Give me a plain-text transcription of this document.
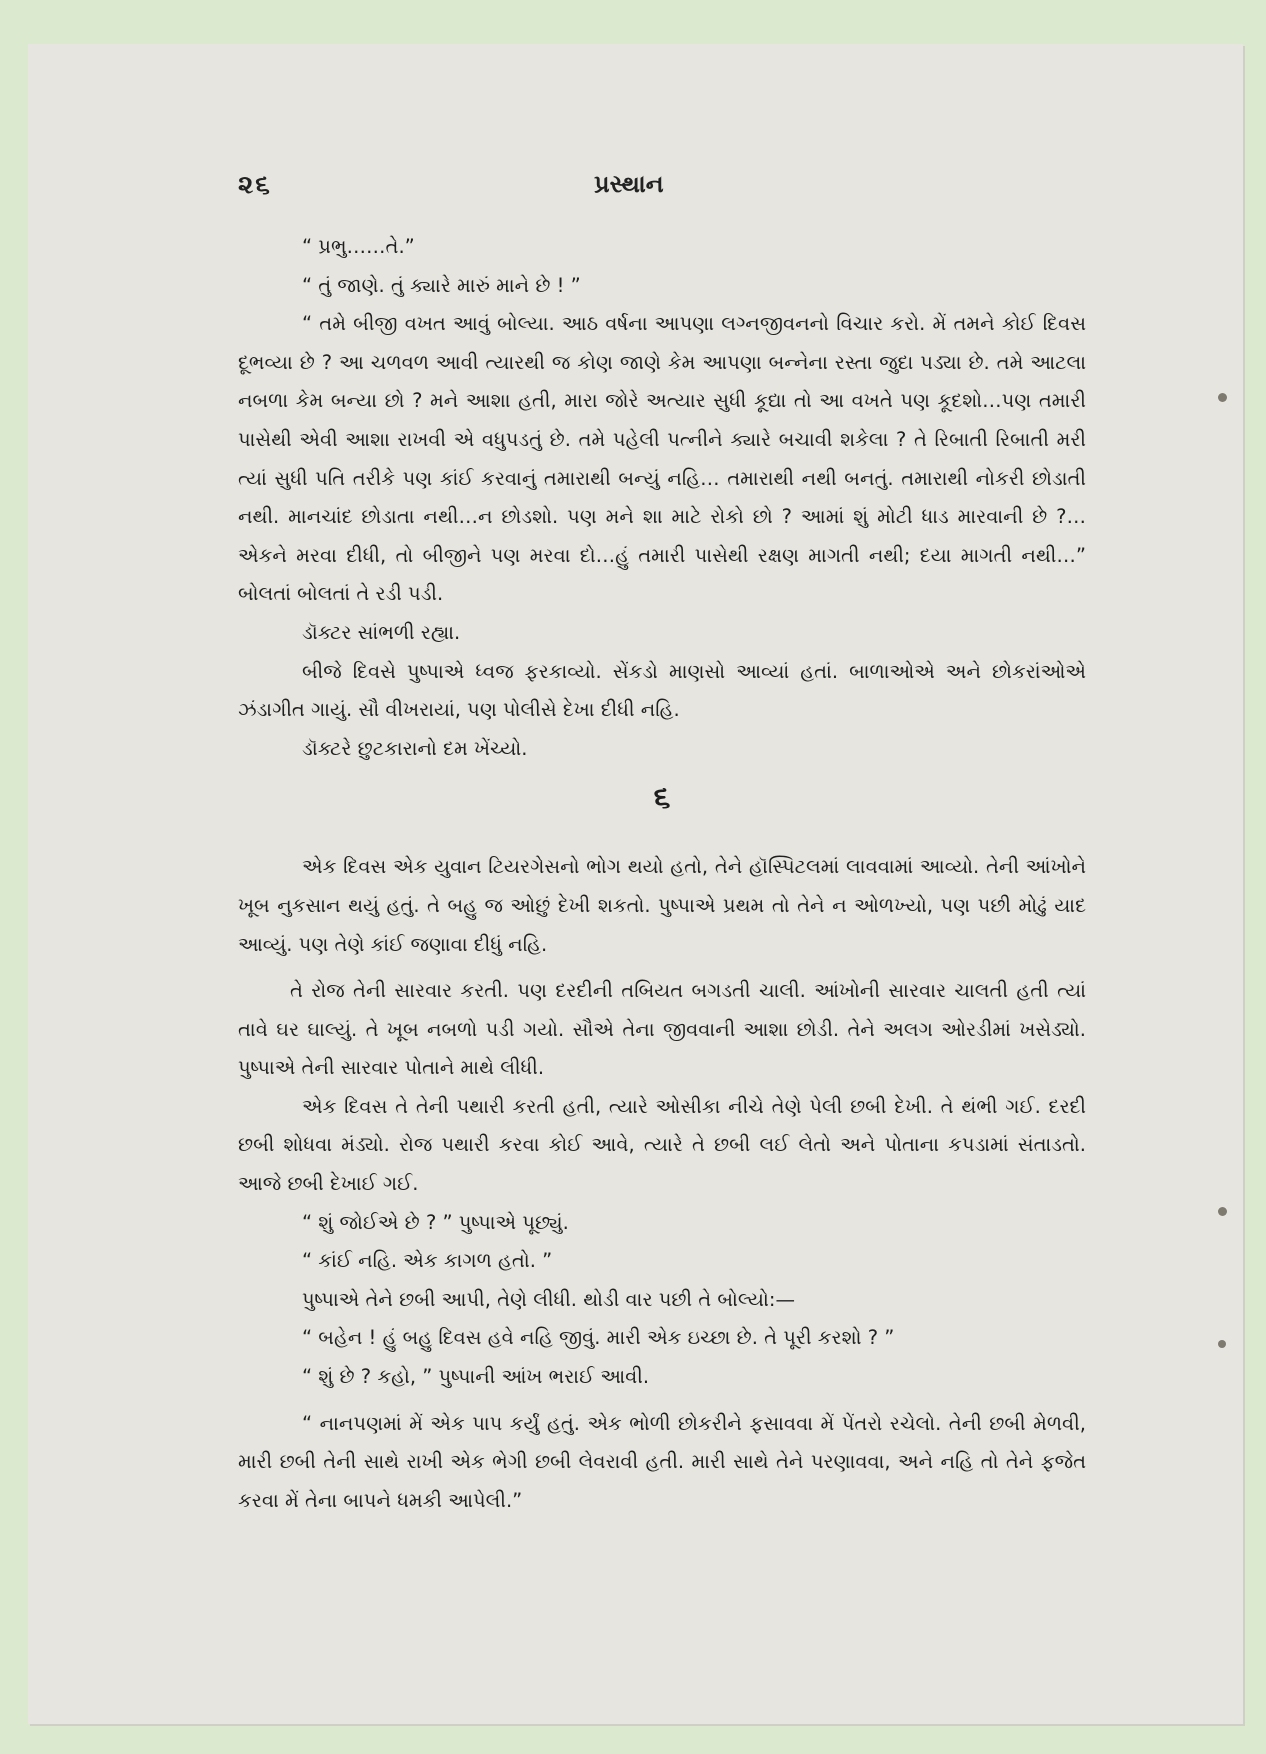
૨૬	પ્રસ્થાન

“ પ્રભુ……તે.”

“ તું જાણે. તું ક્યારે મારું માને છે ! ”

“ તમે બીજી વખત આવું બોલ્યા. આઠ વર્ષના આપણા લગ્નજીવનનો વિચાર કરો. મેં તમને કોઈ દિવસ દૂભવ્યા છે ? આ ચળવળ આવી ત્યારથી જ કોણ જાણે કેમ આપણા બન્નેના રસ્તા જુદા પડ્યા છે. તમે આટલા નબળા કેમ બન્યા છો ? મને આશા હતી, મારા જોરે અત્યાર સુધી કૂદ્યા તો આ વખતે પણ કૂદશો…પણ તમારી પાસેથી એવી આશા રાખવી એ વધુપડતું છે. તમે પહેલી પત્નીને ક્યારે બચાવી શકેલા ? તે રિબાતી રિબાતી મરી ત્યાં સુધી પતિ તરીકે પણ કાંઈ કરવાનું તમારાથી બન્યું નહિ… તમારાથી નથી બનતું. તમારાથી નોકરી છોડાતી નથી. માનચાંદ છોડાતા નથી…ન છોડશો. પણ મને શા માટે રોકો છો ? આમાં શું મોટી ધાડ મારવાની છે ?…એકને મરવા દીધી, તો બીજીને પણ મરવા દો…હું તમારી પાસેથી રક્ષણ માગતી નથી; દયા માગતી નથી…” બોલતાં બોલતાં તે રડી પડી.

ડૉક્ટર સાંભળી રહ્યા.

બીજે દિવસે પુષ્પાએ ધ્વજ ફરકાવ્યો. સેંકડો માણસો આવ્યાં હતાં. બાળાઓએ અને છોકરાંઓએ ઝંડાગીત ગાયું. સૌ વીખરાયાં, પણ પોલીસે દેખા દીધી નહિ.

ડૉક્ટરે છુટકારાનો દમ ખેંચ્યો.

૬

એક દિવસ એક યુવાન ટિયરગેસનો ભોગ થયો હતો, તેને હૉસ્પિટલમાં લાવવામાં આવ્યો. તેની આંખોને ખૂબ નુકસાન થયું હતું. તે બહુ જ ઓછું દેખી શકતો. પુષ્પાએ પ્રથમ તો તેને ન ઓળખ્યો, પણ પછી મોઢું યાદ આવ્યું. પણ તેણે કાંઈ જણાવા દીધું નહિ.

તે રોજ તેની સારવાર કરતી. પણ દરદીની તબિયત બગડતી ચાલી. આંખોની સારવાર ચાલતી હતી ત્યાં તાવે ઘર ઘાલ્યું. તે ખૂબ નબળો પડી ગયો. સૌએ તેના જીવવાની આશા છોડી. તેને અલગ ઓરડીમાં ખસેડ્યો. પુષ્પાએ તેની સારવાર પોતાને માથે લીધી.

એક દિવસ તે તેની પથારી કરતી હતી, ત્યારે ઓસીકા નીચે તેણે પેલી છબી દેખી. તે થંભી ગઈ. દરદી છબી શોધવા મંડ્યો. રોજ પથારી કરવા કોઈ આવે, ત્યારે તે છબી લઈ લેતો અને પોતાના કપડામાં સંતાડતો. આજે છબી દેખાઈ ગઈ.

“ શું જોઈએ છે ? ” પુષ્પાએ પૂછ્યું.

“ કાંઈ નહિ. એક કાગળ હતો. ”

પુષ્પાએ તેને છબી આપી, તેણે લીધી. થોડી વાર પછી તે બોલ્યો:—

“ બહેન ! હું બહુ દિવસ હવે નહિ જીવું. મારી એક ઇચ્છા છે. તે પૂરી કરશો ? ”

“ શું છે ? કહો, ” પુષ્પાની આંખ ભરાઈ આવી.

“ નાનપણમાં મેં એક પાપ કર્યું હતું. એક ભોળી છોકરીને ફસાવવા મેં પેંતરો રચેલો. તેની છબી મેળવી, મારી છબી તેની સાથે રાખી એક ભેગી છબી લેવરાવી હતી. મારી સાથે તેને પરણાવવા, અને નહિ તો તેને ફજેત કરવા મેં તેના બાપને ધમકી આપેલી.”
